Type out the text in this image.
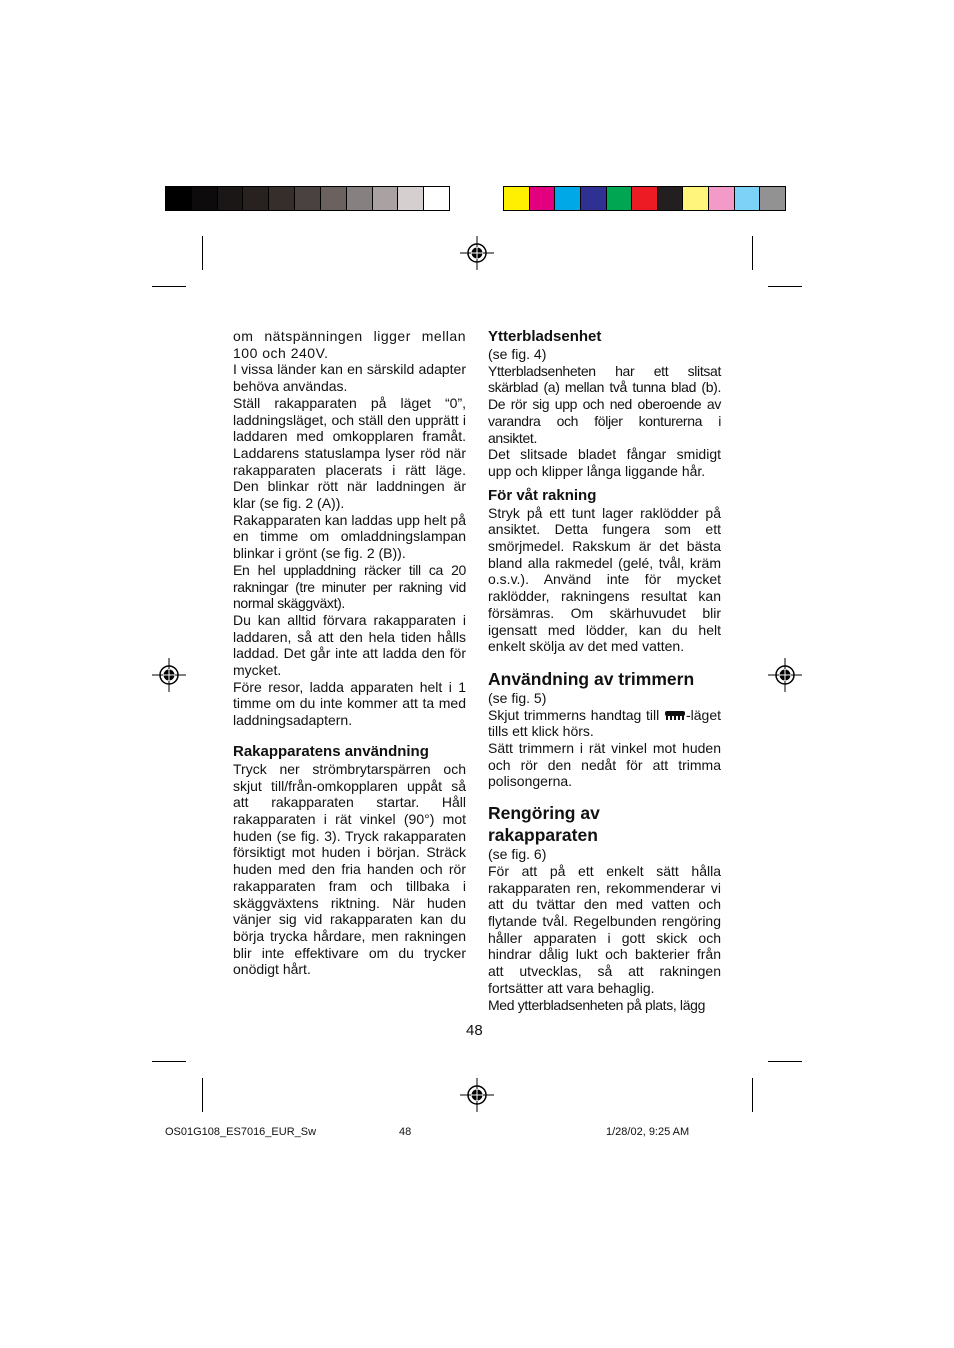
om nätspänningen ligger mellan 100 och 240V.

I vissa länder kan en särskild adapter behöva användas.

Ställ rakapparaten på läget “0”, laddningsläget, och ställ den upprätt i laddaren med omkopplaren framåt. Laddarens statuslampa lyser röd när rakapparaten placerats i rätt läge. Den blinkar rött när laddningen är klar (se fig. 2 (A)).

Rakapparaten kan laddas upp helt på en timme om omladdningslampan blinkar i grönt (se fig. 2 (B)).

En hel uppladdning räcker till ca 20 rakningar (tre minuter per rakning vid normal skäggväxt).

Du kan alltid förvara rakapparaten i laddaren, så att den hela tiden hålls laddad. Det går inte att ladda den för mycket.

Före resor, ladda apparaten helt i 1 timme om du inte kommer att ta med laddningsadaptern.

Rakapparatens användning

Tryck ner strömbrytarspärren och skjut till/från-omkopplaren uppåt så att rakapparaten startar. Håll rakapparaten i rät vinkel (90°) mot huden (se fig. 3). Tryck rakapparaten försiktigt mot huden i början. Sträck huden med den fria handen och rör rakapparaten fram och tillbaka i skäggväxtens riktning. När huden vänjer sig vid rakapparaten kan du börja trycka hårdare, men rakningen blir inte effektivare om du trycker onödigt hårt.

Ytterbladsenhet

(se fig. 4)

Ytterbladsenheten har ett slitsat skärblad (a) mellan två tunna blad (b). De rör sig upp och ned oberoende av varandra och följer konturerna i ansiktet.

Det slitsade bladet fångar smidigt upp och klipper långa liggande hår.

För våt rakning

Stryk på ett tunt lager raklödder på ansiktet. Detta fungera som ett smörjmedel. Rakskum är det bästa bland alla rakmedel (gelé, tvål, kräm o.s.v.). Använd inte för mycket raklödder, rakningens resultat kan försämras. Om skärhuvudet blir igensatt med lödder, kan du helt enkelt skölja av det med vatten.

Användning av trimmern

(se fig. 5)

Skjut trimmerns handtag till -läget tills ett klick hörs.

Sätt trimmern i rät vinkel mot huden och rör den nedåt för att trimma polisongerna.

Rengöring av rakapparaten

(se fig. 6)

För att på ett enkelt sätt hålla rakapparaten ren, rekommenderar vi att du tvättar den med vatten och flytande tvål. Regelbunden rengöring håller apparaten i gott skick och hindrar dålig lukt och bakterier från att utvecklas, så att rakningen fortsätter att vara behaglig.

Med ytterbladsenheten på plats, lägg

48
OS01G108_ES7016_EUR_Sw	48	1/28/02, 9:25 AM
